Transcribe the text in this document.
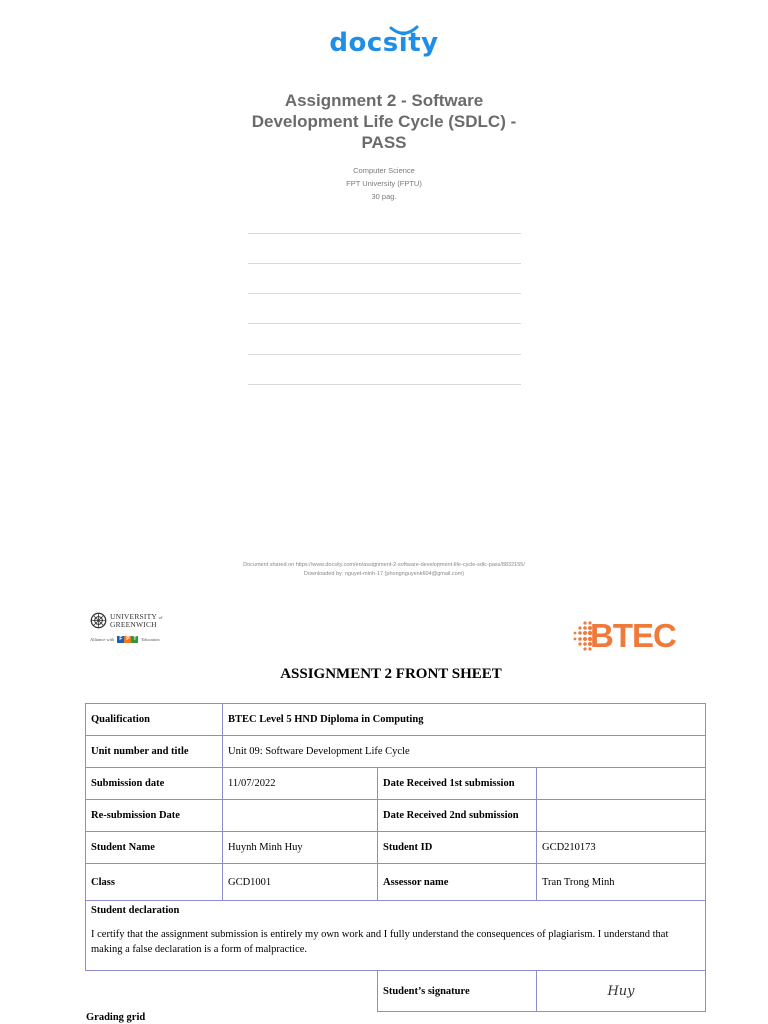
docsity
Assignment 2 - Software Development Life Cycle (SDLC) - PASS
Computer Science
FPT University (FPTU)
30 pag.
Document shared on https://www.docsity.com/en/assignment-2-software-development-life-cycle-sdlc-pass/8832155/
Downloaded by: nguyet-minh-17 (phongnguyenk604@gmail.com)
UNIVERSITY of
GREENWICH
Alliance with F P T	Education	BTEC
ASSIGNMENT 2 FRONT SHEET
Qualification	BTEC Level 5 HND Diploma in Computing		
Unit number and title	Unit 09: Software Development Life Cycle		
Submission date	11/07/2022	Date Received 1st submission	
Re-submission Date		Date Received 2nd submission	
Student Name	Huynh Minh Huy	Student ID	GCD210173
Class	GCD1001	Assessor name	Tran Trong Minh

Student declaration
I certify that the assignment submission is entirely my own work and I fully understand the consequences of plagiarism. I understand that making a false declaration is a form of malpractice.			

		Student’s signature	Huy
Grading grid
